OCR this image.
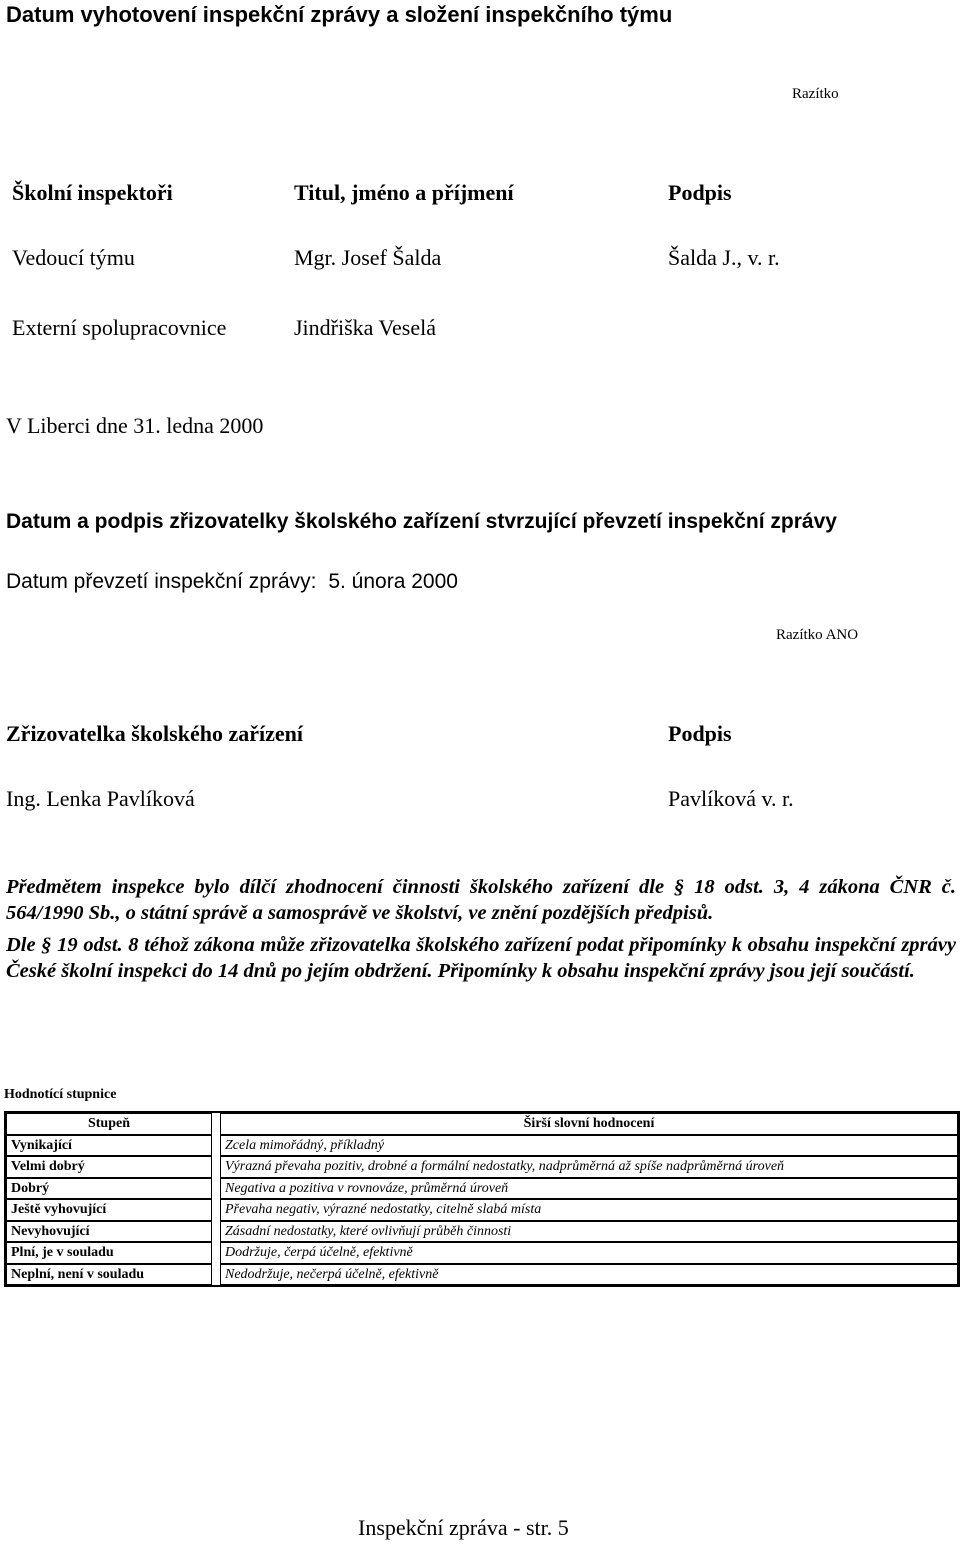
Datum vyhotovení inspekční zprávy a složení inspekčního týmu
Razítko
Školní inspektoři	Titul, jméno a příjmení	Podpis
Vedoucí týmu	Mgr. Josef Šalda	Šalda J., v. r.
Externí spolupracovnice	Jindřiška Veselá
V Liberci dne 31. ledna 2000
Datum a podpis zřizovatelky školského zařízení stvrzující převzetí inspekční zprávy
Datum převzetí inspekční zprávy: 5. února 2000
Razítko ANO
Zřizovatelka školského zařízení	Podpis
Ing. Lenka Pavlíková	Pavlíková v. r.

Předmětem inspekce bylo dílčí zhodnocení činnosti školského zařízení dle § 18 odst. 3, 4 zákona ČNR č. 564/1990 Sb., o státní správě a samosprávě ve školství, ve znění pozdějších předpisů.

Dle § 19 odst. 8 téhož zákona může zřizovatelka školského zařízení podat připomínky k obsahu inspekční zprávy České školní inspekci do 14 dnů po jejím obdržení. Připomínky k obsahu inspekční zprávy jsou její součástí.

Hodnotící stupnice
Stupeň		Širší slovní hodnocení
Vynikající		Zcela mimořádný, příkladný
Velmi dobrý		Výrazná převaha pozitiv, drobné a formální nedostatky, nadprůměrná až spíše nadprůměrná úroveň
Dobrý		Negativa a pozitiva v rovnováze, průměrná úroveň
Ještě vyhovující		Převaha negativ, výrazné nedostatky, citelně slabá místa
Nevyhovující		Zásadní nedostatky, které ovlivňují průběh činnosti
Plní, je v souladu		Dodržuje, čerpá účelně, efektivně
Neplní, není v souladu		Nedodržuje, nečerpá účelně, efektivně
Inspekční zpráva - str. 5
